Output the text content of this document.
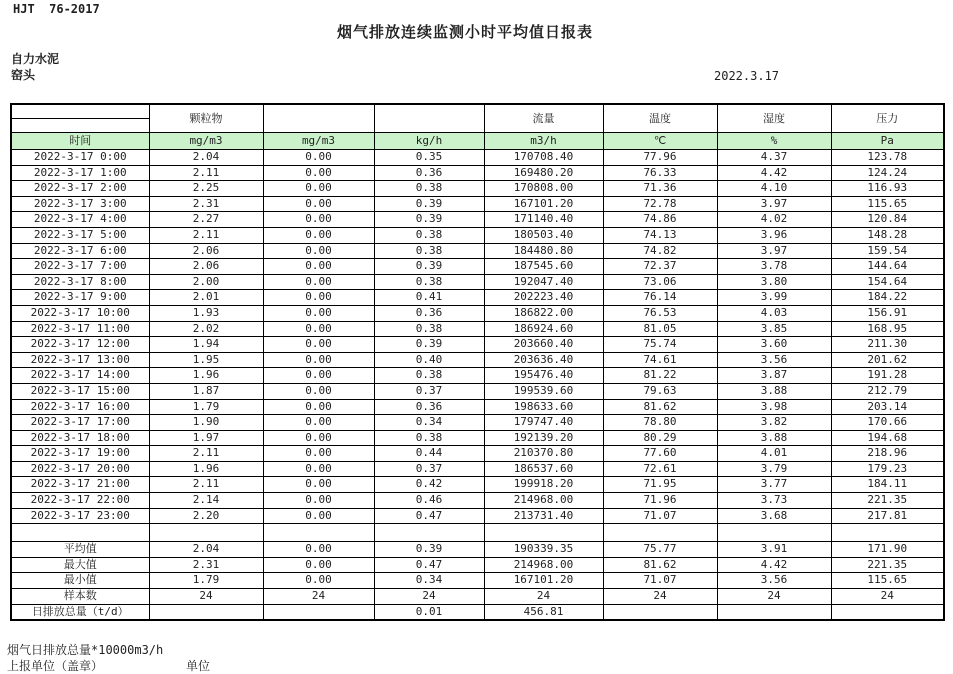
HJT  76-2017
烟气排放连续监测小时平均值日报表
自力水泥
窑头	2022.3.17
	颗粒物			流量	温度	湿度	压力

时间	mg/m3	mg/m3	kg/h	m3/h	℃	%	Pa
2022-3-17 0:00	2.04	0.00	0.35	170708.40	77.96	4.37	123.78
2022-3-17 1:00	2.11	0.00	0.36	169480.20	76.33	4.42	124.24
2022-3-17 2:00	2.25	0.00	0.38	170808.00	71.36	4.10	116.93
2022-3-17 3:00	2.31	0.00	0.39	167101.20	72.78	3.97	115.65
2022-3-17 4:00	2.27	0.00	0.39	171140.40	74.86	4.02	120.84
2022-3-17 5:00	2.11	0.00	0.38	180503.40	74.13	3.96	148.28
2022-3-17 6:00	2.06	0.00	0.38	184480.80	74.82	3.97	159.54
2022-3-17 7:00	2.06	0.00	0.39	187545.60	72.37	3.78	144.64
2022-3-17 8:00	2.00	0.00	0.38	192047.40	73.06	3.80	154.64
2022-3-17 9:00	2.01	0.00	0.41	202223.40	76.14	3.99	184.22
2022-3-17 10:00	1.93	0.00	0.36	186822.00	76.53	4.03	156.91
2022-3-17 11:00	2.02	0.00	0.38	186924.60	81.05	3.85	168.95
2022-3-17 12:00	1.94	0.00	0.39	203660.40	75.74	3.60	211.30
2022-3-17 13:00	1.95	0.00	0.40	203636.40	74.61	3.56	201.62
2022-3-17 14:00	1.96	0.00	0.38	195476.40	81.22	3.87	191.28
2022-3-17 15:00	1.87	0.00	0.37	199539.60	79.63	3.88	212.79
2022-3-17 16:00	1.79	0.00	0.36	198633.60	81.62	3.98	203.14
2022-3-17 17:00	1.90	0.00	0.34	179747.40	78.80	3.82	170.66
2022-3-17 18:00	1.97	0.00	0.38	192139.20	80.29	3.88	194.68
2022-3-17 19:00	2.11	0.00	0.44	210370.80	77.60	4.01	218.96
2022-3-17 20:00	1.96	0.00	0.37	186537.60	72.61	3.79	179.23
2022-3-17 21:00	2.11	0.00	0.42	199918.20	71.95	3.77	184.11
2022-3-17 22:00	2.14	0.00	0.46	214968.00	71.96	3.73	221.35
2022-3-17 23:00	2.20	0.00	0.47	213731.40	71.07	3.68	217.81

平均值	2.04	0.00	0.39	190339.35	75.77	3.91	171.90
最大值	2.31	0.00	0.47	214968.00	81.62	4.42	221.35
最小值	1.79	0.00	0.34	167101.20	71.07	3.56	115.65
样本数	24	24	24	24	24	24	24
日排放总量（t/d）			0.01	456.81			
烟气日排放总量*10000m3/h
上报单位（盖章）	单位
